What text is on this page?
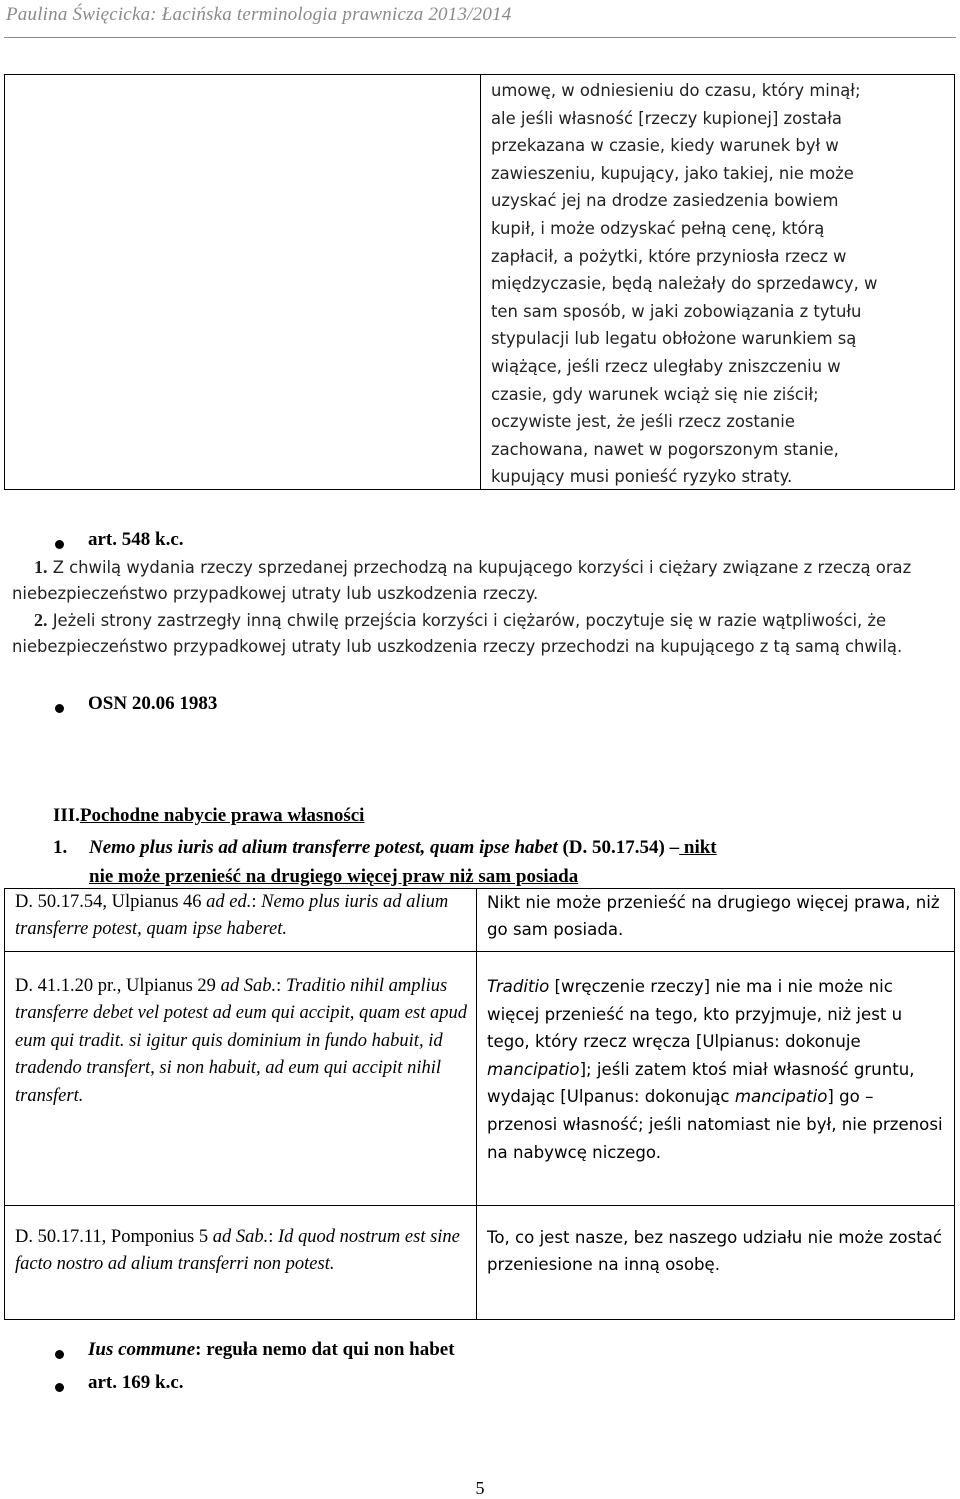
Paulina Święcicka: Łacińska terminologia prawnicza 2013/2014
umowę, w odniesieniu do czasu, który minął;
ale jeśli własność [rzeczy kupionej] została
przekazana w czasie, kiedy warunek był w
zawieszeniu, kupujący, jako takiej, nie może
uzyskać jej na drodze zasiedzenia bowiem
kupił, i może odzyskać pełną cenę, którą
zapłacił, a pożytki, które przyniosła rzecz w
międzyczasie, będą należały do sprzedawcy, w
ten sam sposób, w jaki zobowiązania z tytułu
stypulacji lub legatu obłożone warunkiem są
wiążące, jeśli rzecz uległaby zniszczeniu w
czasie, gdy warunek wciąż się nie ziścił;
oczywiste jest, że jeśli rzecz zostanie
zachowana, nawet w pogorszonym stanie,
kupujący musi ponieść ryzyko straty.
art. 548 k.c.
1. Z chwilą wydania rzeczy sprzedanej przechodzą na kupującego korzyści i ciężary związane z rzeczą oraz niebezpieczeństwo przypadkowej utraty lub uszkodzenia rzeczy.
2. Jeżeli strony zastrzegły inną chwilę przejścia korzyści i ciężarów, poczytuje się w razie wątpliwości, że niebezpieczeństwo przypadkowej utraty lub uszkodzenia rzeczy przechodzi na kupującego z tą samą chwilą.
OSN 20.06 1983
III.Pochodne nabycie prawa własności
1. Nemo plus iuris ad alium transferre potest, quam ipse habet (D. 50.17.54) – nikt
nie może przenieść na drugiego więcej praw niż sam posiada
D. 50.17.54, Ulpianus 46 ad ed.: Nemo plus iuris ad alium transferre potest, quam ipse haberet.
Nikt nie może przenieść na drugiego więcej prawa, niż go sam posiada.
D. 41.1.20 pr., Ulpianus 29 ad Sab.: Traditio nihil amplius transferre debet vel potest ad eum qui accipit, quam est apud eum qui tradit. si igitur quis dominium in fundo habuit, id tradendo transfert, si non habuit, ad eum qui accipit nihil transfert.
Traditio [wręczenie rzeczy] nie ma i nie może nic więcej przenieść na tego, kto przyjmuje, niż jest u tego, który rzecz wręcza [Ulpianus: dokonuje mancipatio]; jeśli zatem ktoś miał własność gruntu, wydając [Ulpanus: dokonując mancipatio] go – przenosi własność; jeśli natomiast nie był, nie przenosi na nabywcę niczego.
D. 50.17.11, Pomponius 5 ad Sab.: Id quod nostrum est sine facto nostro ad alium transferri non potest.
To, co jest nasze, bez naszego udziału nie może zostać przeniesione na inną osobę.
Ius commune: reguła nemo dat qui non habet
art. 169 k.c.
5
